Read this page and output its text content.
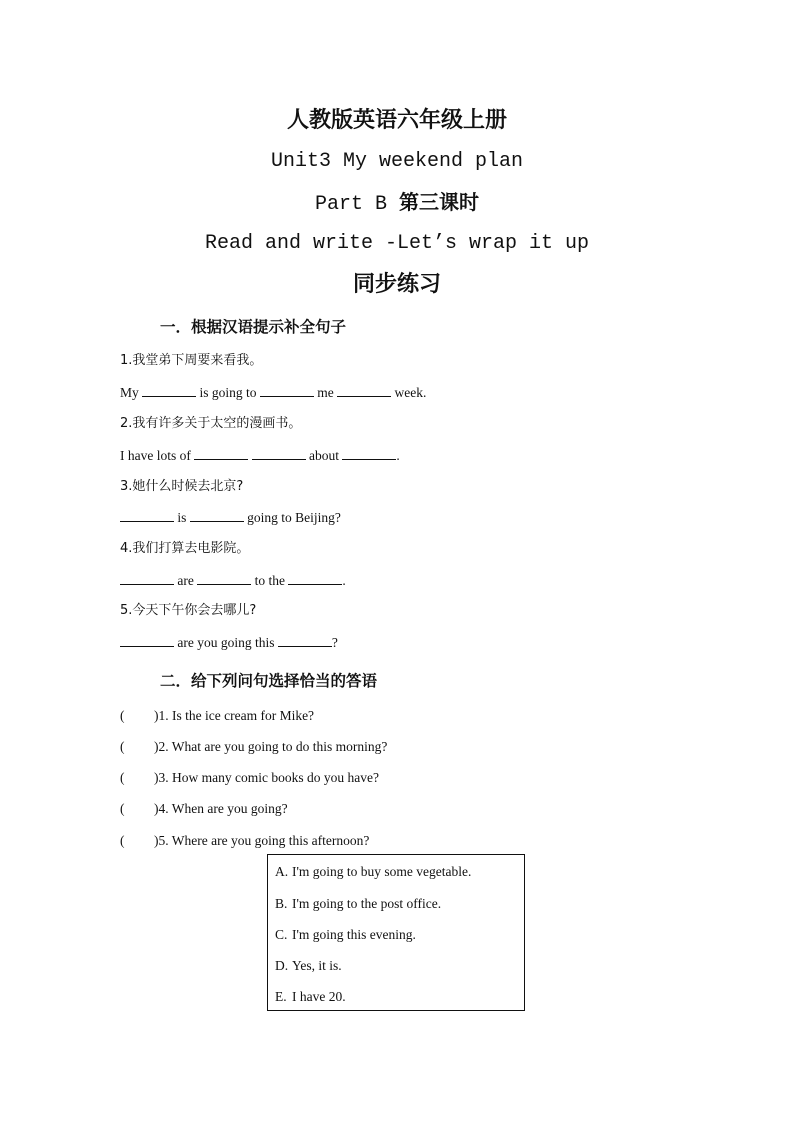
人教版英语六年级上册
Unit3 My weekend plan
Part B 第三课时
Read and write -Let’s wrap it up
同步练习
一．根据汉语提示补全句子
1.我堂弟下周要来看我。
My	is going to	me	week.
2.我有许多关于太空的漫画书。
I have lots of	about	.
3.她什么时候去北京?
is	going to Beijing?
4.我们打算去电影院。
are	to the	.
5.今天下午你会去哪儿?
are you going this	?
二．给下列问句选择恰当的答语
( )1. Is the ice cream for Mike?
( )2. What are you going to do this morning?
( )3. How many comic books do you have?
( )4. When are you going?
( )5. Where are you going this afternoon?
A. I'm going to buy some vegetable.
B. I'm going to the post office.
C. I'm going this evening.
D. Yes, it is.
E. I have 20.
